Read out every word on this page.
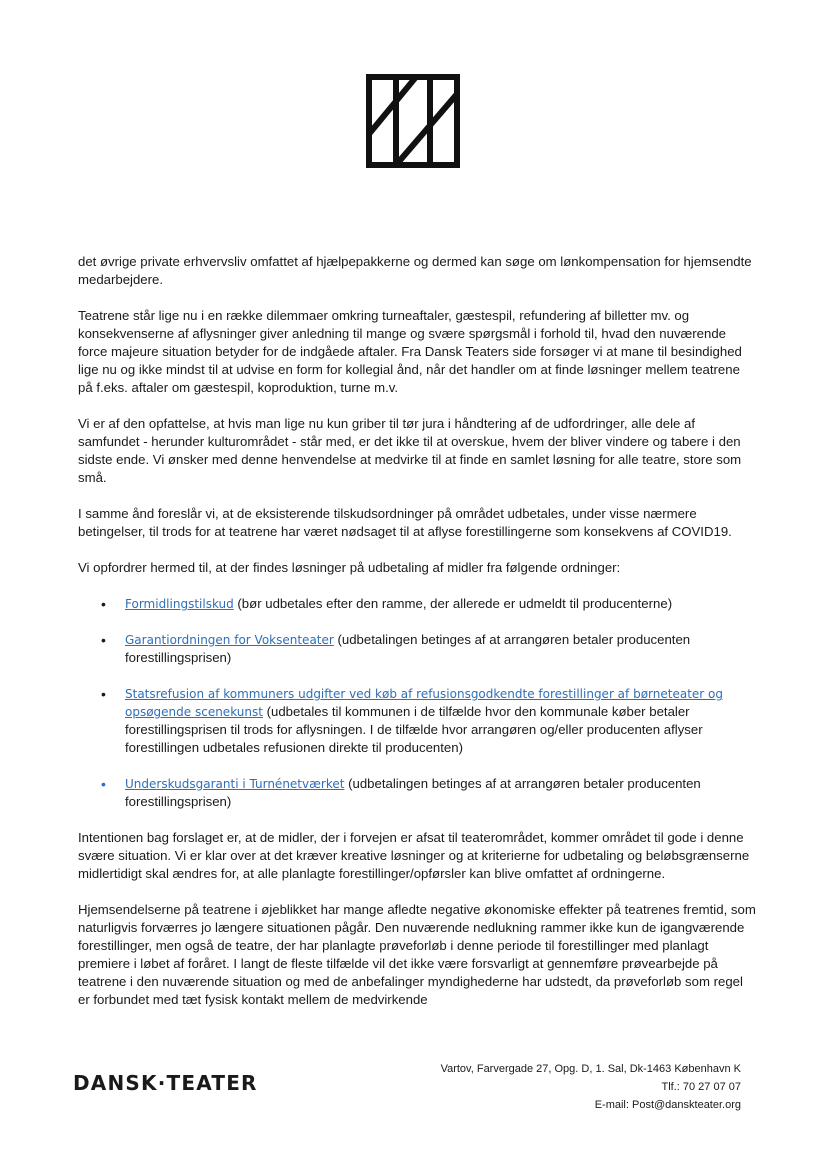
det øvrige private erhvervsliv omfattet af hjælpepakkerne og dermed kan søge om lønkompensation for hjemsendte medarbejdere.

Teatrene står lige nu i en række dilemmaer omkring turneaftaler, gæstespil, refundering af billetter mv. og konsekvenserne af aflysninger giver anledning til mange og svære spørgsmål i forhold til, hvad den nuværende force majeure situation betyder for de indgåede aftaler. Fra Dansk Teaters side forsøger vi at mane til besindighed lige nu og ikke mindst til at udvise en form for kollegial ånd, når det handler om at finde løsninger mellem teatrene på f.eks. aftaler om gæstespil, koproduktion, turne m.v.

Vi er af den opfattelse, at hvis man lige nu kun griber til tør jura i håndtering af de udfordringer, alle dele af samfundet - herunder kulturområdet - står med, er det ikke til at overskue, hvem der bliver vindere og tabere i den sidste ende. Vi ønsker med denne henvendelse at medvirke til at finde en samlet løsning for alle teatre, store som små.

I samme ånd foreslår vi, at de eksisterende tilskudsordninger på området udbetales, under visse nærmere betingelser, til trods for at teatrene har været nødsaget til at aflyse forestillingerne som konsekvens af COVID19.

Vi opfordrer hermed til, at der findes løsninger på udbetaling af midler fra følgende ordninger:

• Formidlingstilskud (bør udbetales efter den ramme, der allerede er udmeldt til producenterne)
• Garantiordningen for Voksenteater (udbetalingen betinges af at arrangøren betaler producenten forestillingsprisen)
• Statsrefusion af kommuners udgifter ved køb af refusionsgodkendte forestillinger af børneteater og opsøgende scenekunst (udbetales til kommunen i de tilfælde hvor den kommunale køber betaler forestillingsprisen til trods for aflysningen. I de tilfælde hvor arrangøren og/eller producenten aflyser forestillingen udbetales refusionen direkte til producenten)
• Underskudsgaranti i Turnénetværket (udbetalingen betinges af at arrangøren betaler producenten forestillingsprisen)

Intentionen bag forslaget er, at de midler, der i forvejen er afsat til teaterområdet, kommer området til gode i denne svære situation. Vi er klar over at det kræver kreative løsninger og at kriterierne for udbetaling og beløbsgrænserne midlertidigt skal ændres for, at alle planlagte forestillinger/opførsler kan blive omfattet af ordningerne.

Hjemsendelserne på teatrene i øjeblikket har mange afledte negative økonomiske effekter på teatrenes fremtid, som naturligvis forværres jo længere situationen pågår. Den nuværende nedlukning rammer ikke kun de igangværende forestillinger, men også de teatre, der har planlagte prøveforløb i denne periode til forestillinger med planlagt premiere i løbet af foråret. I langt de fleste tilfælde vil det ikke være forsvarligt at gennemføre prøvearbejde på teatrene i den nuværende situation og med de anbefalinger myndighederne har udstedt, da prøveforløb som regel er forbundet med tæt fysisk kontakt mellem de medvirkende

DANSK·TEATER
Vartov, Farvergade 27, Opg. D, 1. Sal, Dk-1463 København K
Tlf.: 70 27 07 07
E-mail: Post@danskteater.org
